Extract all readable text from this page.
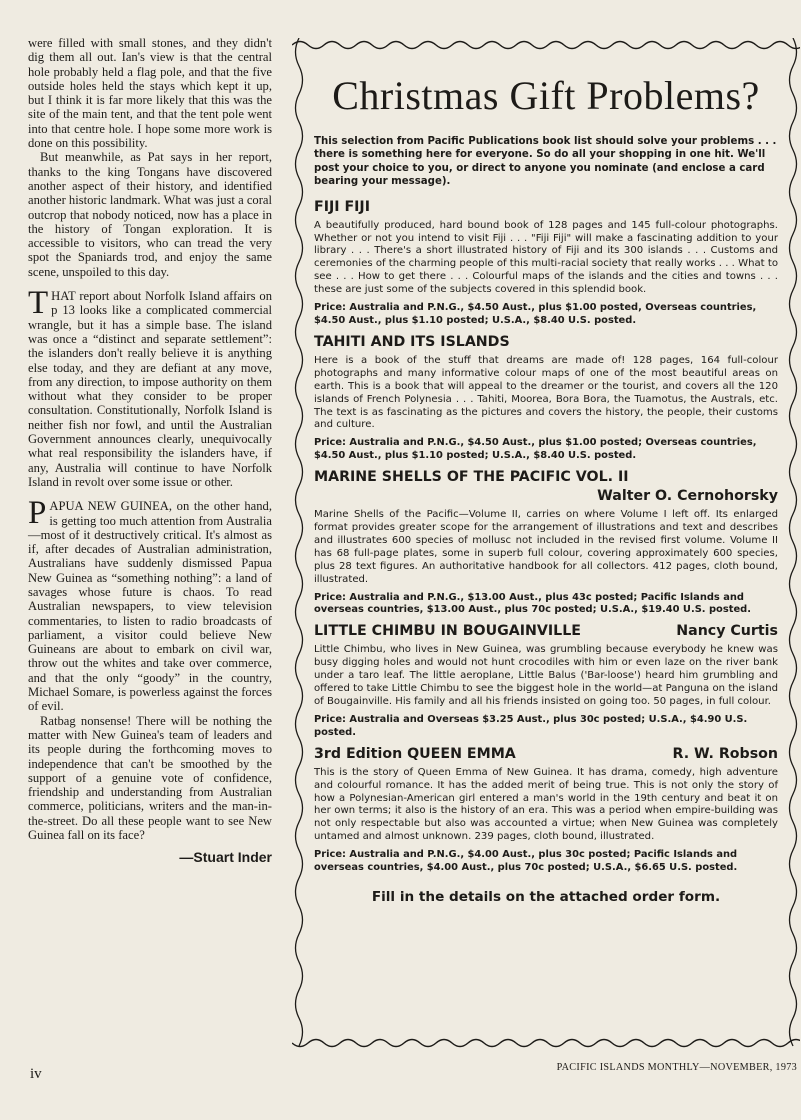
were filled with small stones, and they didn't dig them all out. Ian's view is that the central hole probably held a flag pole, and that the five outside holes held the stays which kept it up, but I think it is far more likely that this was the site of the main tent, and that the tent pole went into that centre hole. I hope some more work is done on this possibility.

But meanwhile, as Pat says in her report, thanks to the king Tongans have discovered another aspect of their history, and identified another historic landmark. What was just a coral outcrop that nobody noticed, now has a place in the history of Tongan exploration. It is accessible to visitors, who can tread the very spot the Spaniards trod, and enjoy the same scene, unspoiled to this day.

THAT report about Norfolk Island affairs on p 13 looks like a complicated commercial wrangle, but it has a simple base. The island was once a “distinct and separate settlement”: the islanders don't really believe it is anything else today, and they are defiant at any move, from any direction, to impose authority on them without what they consider to be proper consultation. Constitutionally, Norfolk Island is neither fish nor fowl, and until the Australian Government announces clearly, unequivocally what real responsibility the islanders have, if any, Australia will continue to have Norfolk Island in revolt over some issue or other.

PAPUA NEW GUINEA, on the other hand, is getting too much attention from Australia—most of it destructively critical. It's almost as if, after decades of Australian administration, Australians have suddenly dismissed Papua New Guinea as “something nothing”: a land of savages whose future is chaos. To read Australian newspapers, to view television commentaries, to listen to radio broadcasts of parliament, a visitor could believe New Guineans are about to embark on civil war, throw out the whites and take over commerce, and that the only “goody” in the country, Michael Somare, is powerless against the forces of evil.

Ratbag nonsense! There will be nothing the matter with New Guinea's team of leaders and its people during the forthcoming moves to independence that can't be smoothed by the support of a genuine vote of confidence, friendship and understanding from Australian commerce, politicians, writers and the man-in-the-street. Do all these people want to see New Guinea fall on its face?

—Stuart Inder
Christmas Gift Problems?

This selection from Pacific Publications book list should solve your problems . . . there is something here for everyone. So do all your shopping in one hit. We'll post your choice to you, or direct to anyone you nominate (and enclose a card bearing your message).

FIJI FIJI

A beautifully produced, hard bound book of 128 pages and 145 full-colour photographs. Whether or not you intend to visit Fiji . . . "Fiji Fiji" will make a fascinating addition to your library . . . There's a short illustrated history of Fiji and its 300 islands . . . Customs and ceremonies of the charming people of this multi-racial society that really works . . . What to see . . . How to get there . . . Colourful maps of the islands and the cities and towns . . . these are just some of the subjects covered in this splendid book.

Price: Australia and P.N.G., $4.50 Aust., plus $1.00 posted, Overseas countries, $4.50 Aust., plus $1.10 posted; U.S.A., $8.40 U.S. posted.

TAHITI AND ITS ISLANDS

Here is a book of the stuff that dreams are made of! 128 pages, 164 full-colour photographs and many informative colour maps of one of the most beautiful areas on earth. This is a book that will appeal to the dreamer or the tourist, and covers all the 120 islands of French Polynesia . . . Tahiti, Moorea, Bora Bora, the Tuamotus, the Australs, etc. The text is as fascinating as the pictures and covers the history, the people, their customs and culture.

Price: Australia and P.N.G., $4.50 Aust., plus $1.00 posted; Overseas countries, $4.50 Aust., plus $1.10 posted; U.S.A., $8.40 U.S. posted.

MARINE SHELLS OF THE PACIFIC VOL. II
Walter O. Cernohorsky

Marine Shells of the Pacific—Volume II, carries on where Volume I left off. Its enlarged format provides greater scope for the arrangement of illustrations and text and describes and illustrates 600 species of mollusc not included in the revised first volume. Volume II has 68 full-page plates, some in superb full colour, covering approximately 600 species, plus 28 text figures. An authoritative handbook for all collectors. 412 pages, cloth bound, illustrated.

Price: Australia and P.N.G., $13.00 Aust., plus 43c posted; Pacific Islands and overseas countries, $13.00 Aust., plus 70c posted; U.S.A., $19.40 U.S. posted.

LITTLE CHIMBU IN BOUGAINVILLE	Nancy Curtis

Little Chimbu, who lives in New Guinea, was grumbling because everybody he knew was busy digging holes and would not hunt crocodiles with him or even laze on the river bank under a taro leaf. The little aeroplane, Little Balus ('Bar-loose') heard him grumbling and offered to take Little Chimbu to see the biggest hole in the world—at Panguna on the island of Bougainville. His family and all his friends insisted on going too. 50 pages, in full colour.

Price: Australia and Overseas $3.25 Aust., plus 30c posted; U.S.A., $4.90 U.S. posted.

3rd Edition QUEEN EMMA	R. W. Robson

This is the story of Queen Emma of New Guinea. It has drama, comedy, high adventure and colourful romance. It has the added merit of being true. This is not only the story of how a Polynesian-American girl entered a man's world in the 19th century and beat it on her own terms; it also is the history of an era. This was a period when empire-building was not only respectable but also was accounted a virtue; when New Guinea was completely untamed and almost unknown. 239 pages, cloth bound, illustrated.

Price: Australia and P.N.G., $4.00 Aust., plus 30c posted; Pacific Islands and overseas countries, $4.00 Aust., plus 70c posted; U.S.A., $6.65 U.S. posted.

Fill in the details on the attached order form.
iv	PACIFIC ISLANDS MONTHLY—NOVEMBER, 1973
